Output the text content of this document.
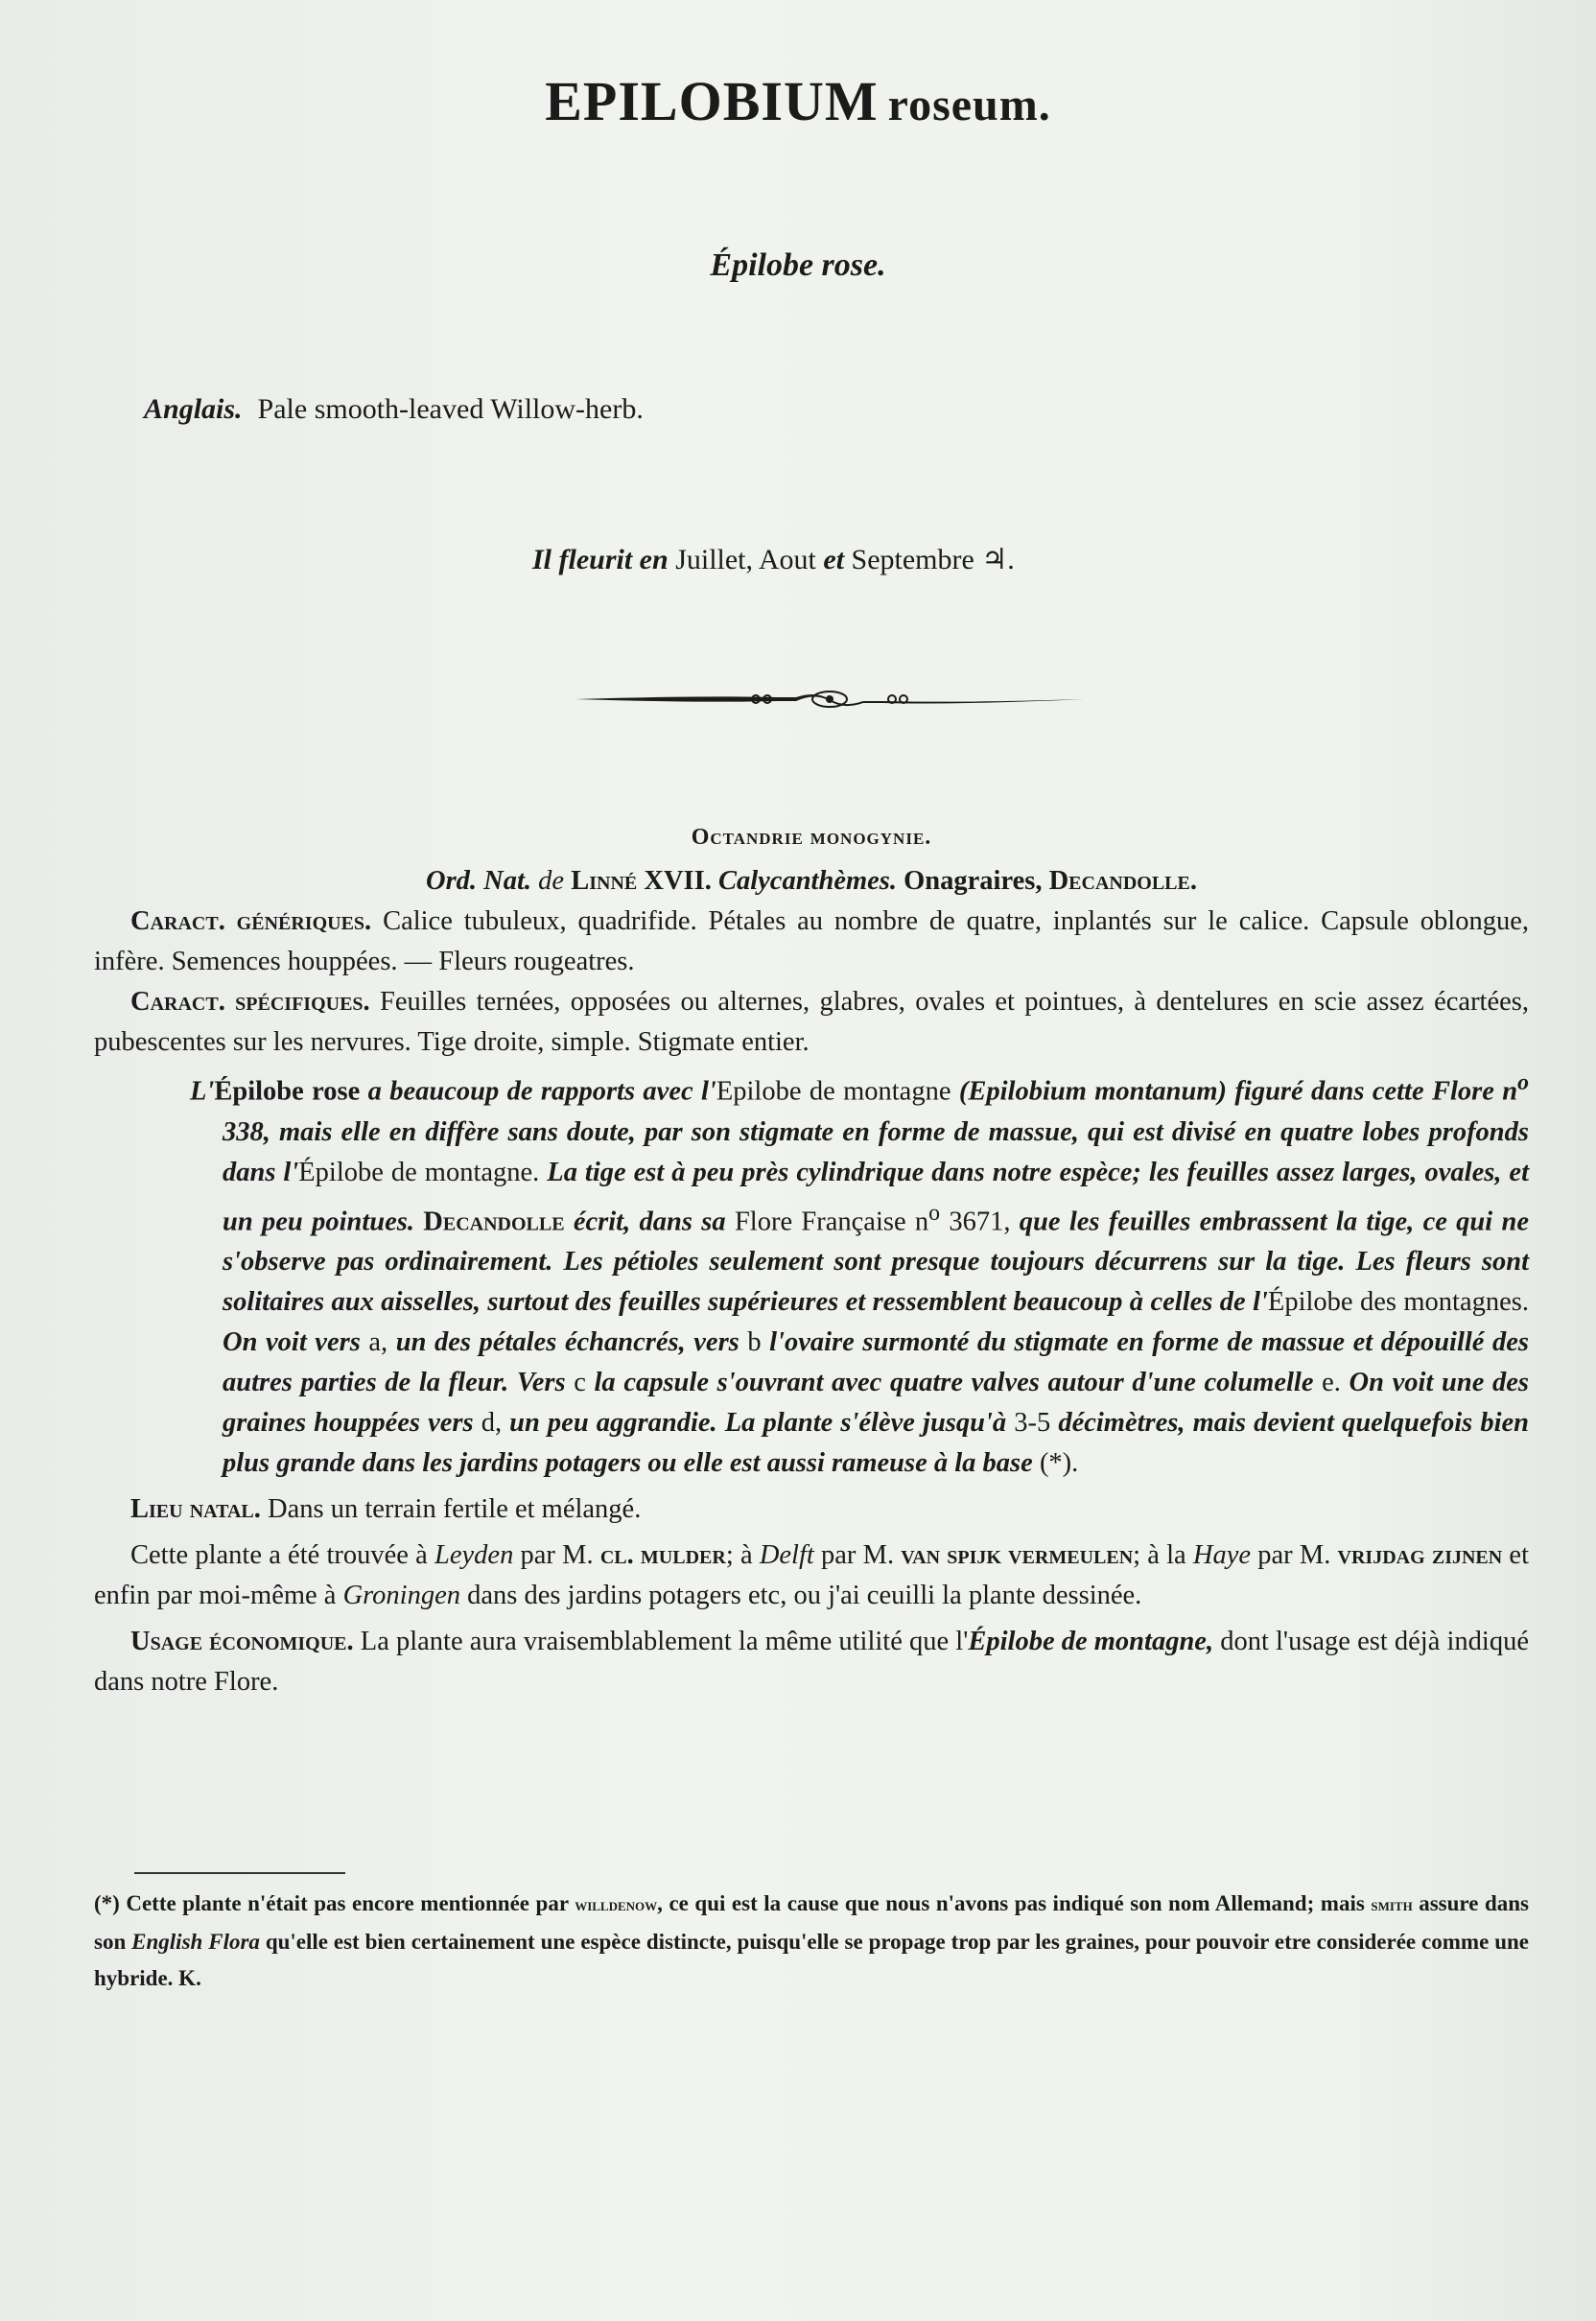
EPILOBIUM roseum.
Épilobe rose.
Anglais. Pale smooth-leaved Willow-herb.
Il fleurit en Juillet, Aout et Septembre ♃.
Octandrie monogynie.
Ord. Nat. de Linné XVII. Calycanthèmes. Onagraires, Decandolle.
Caract. génériques. Calice tubuleux, quadrifide. Pétales au nombre de quatre, inplantés sur le calice. Capsule oblongue, infère. Semences houppées. — Fleurs rougeatres.
Caract. spécifiques. Feuilles ternées, opposées ou alternes, glabres, ovales et pointues, à dentelures en scie assez écartées, pubescentes sur les nervures. Tige droite, simple. Stigmate entier.
L'Épilobe rose a beaucoup de rapports avec l'Epilobe de montagne (Epilobium montanum) figuré dans cette Flore $n^o$ 338, mais elle en diffère sans doute, par son stigmate en forme de massue, qui est divisé en quatre lobes profonds dans l'Épilobe de montagne. La tige est à peu près cylindrique dans notre espèce; les feuilles assez larges, ovales, et un peu pointues. Decandolle écrit, dans sa Flore Française $n^o$ 3671, que les feuilles embrassent la tige, ce qui ne s'observe pas ordinairement. Les pétioles seulement sont presque toujours décurrens sur la tige. Les fleurs sont solitaires aux aisselles, surtout des feuilles supérieures et ressemblent beaucoup à celles de l'Épilobe des montagnes. On voit vers a, un des pétales échancrés, vers b l'ovaire surmonté du stigmate en forme de massue et dépouillé des autres parties de la fleur. Vers c la capsule s'ouvrant avec quatre valves autour d'une columelle e. On voit une des graines houppées vers d, un peu aggrandie. La plante s'élève jusqu'à 3-5 décimètres, mais devient quelquefois bien plus grande dans les jardins potagers ou elle est aussi rameuse à la base (*).
Lieu natal. Dans un terrain fertile et mélangé.
Cette plante a été trouvée à Leyden par M. cl. mulder; à Delft par M. van spijk vermeulen; à la Haye par M. vrijdag zijnen et enfin par moi-même à Groningen dans des jardins potagers etc, ou j'ai ceuilli la plante dessinée.
Usage économique. La plante aura vraisemblablement la même utilité que l'Épilobe de montagne, dont l'usage est déjà indiqué dans notre Flore.
(*) Cette plante n'était pas encore mentionnée par willdenow, ce qui est la cause que nous n'avons pas indiqué son nom Allemand; mais smith assure dans son English Flora qu'elle est bien certainement une espèce distincte, puisqu'elle se propage trop par les graines, pour pouvoir etre considerée comme une hybride. K.
